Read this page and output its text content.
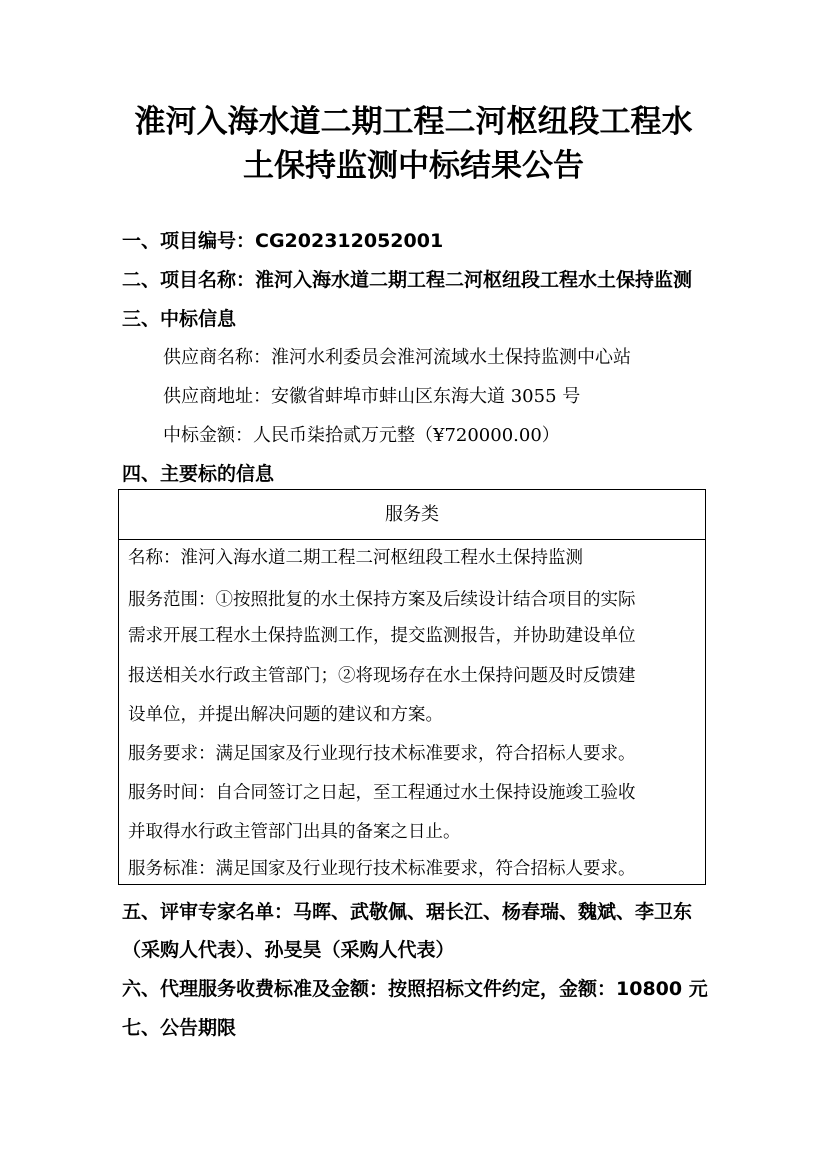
淮河入海水道二期工程二河枢纽段工程水
土保持监测中标结果公告
一、项目编号：CG202312052001
二、项目名称：淮河入海水道二期工程二河枢纽段工程水土保持监测
三、中标信息
供应商名称：淮河水利委员会淮河流域水土保持监测中心站
供应商地址：安徽省蚌埠市蚌山区东海大道 3055 号
中标金额：人民币柒拾贰万元整（¥720000.00）
四、主要标的信息
服务类
名称：淮河入海水道二期工程二河枢纽段工程水土保持监测
服务范围：①按照批复的水土保持方案及后续设计结合项目的实际
需求开展工程水土保持监测工作，提交监测报告，并协助建设单位
报送相关水行政主管部门；②将现场存在水土保持问题及时反馈建
设单位，并提出解决问题的建议和方案。
服务要求：满足国家及行业现行技术标准要求，符合招标人要求。
服务时间：自合同签订之日起，至工程通过水土保持设施竣工验收
并取得水行政主管部门出具的备案之日止。
服务标准：满足国家及行业现行技术标准要求，符合招标人要求。
五、评审专家名单：马晖、武敬佩、琚长江、杨春瑞、魏斌、李卫东
（采购人代表）、孙旻昊（采购人代表）
六、代理服务收费标准及金额：按照招标文件约定，金额：10800 元
七、公告期限
